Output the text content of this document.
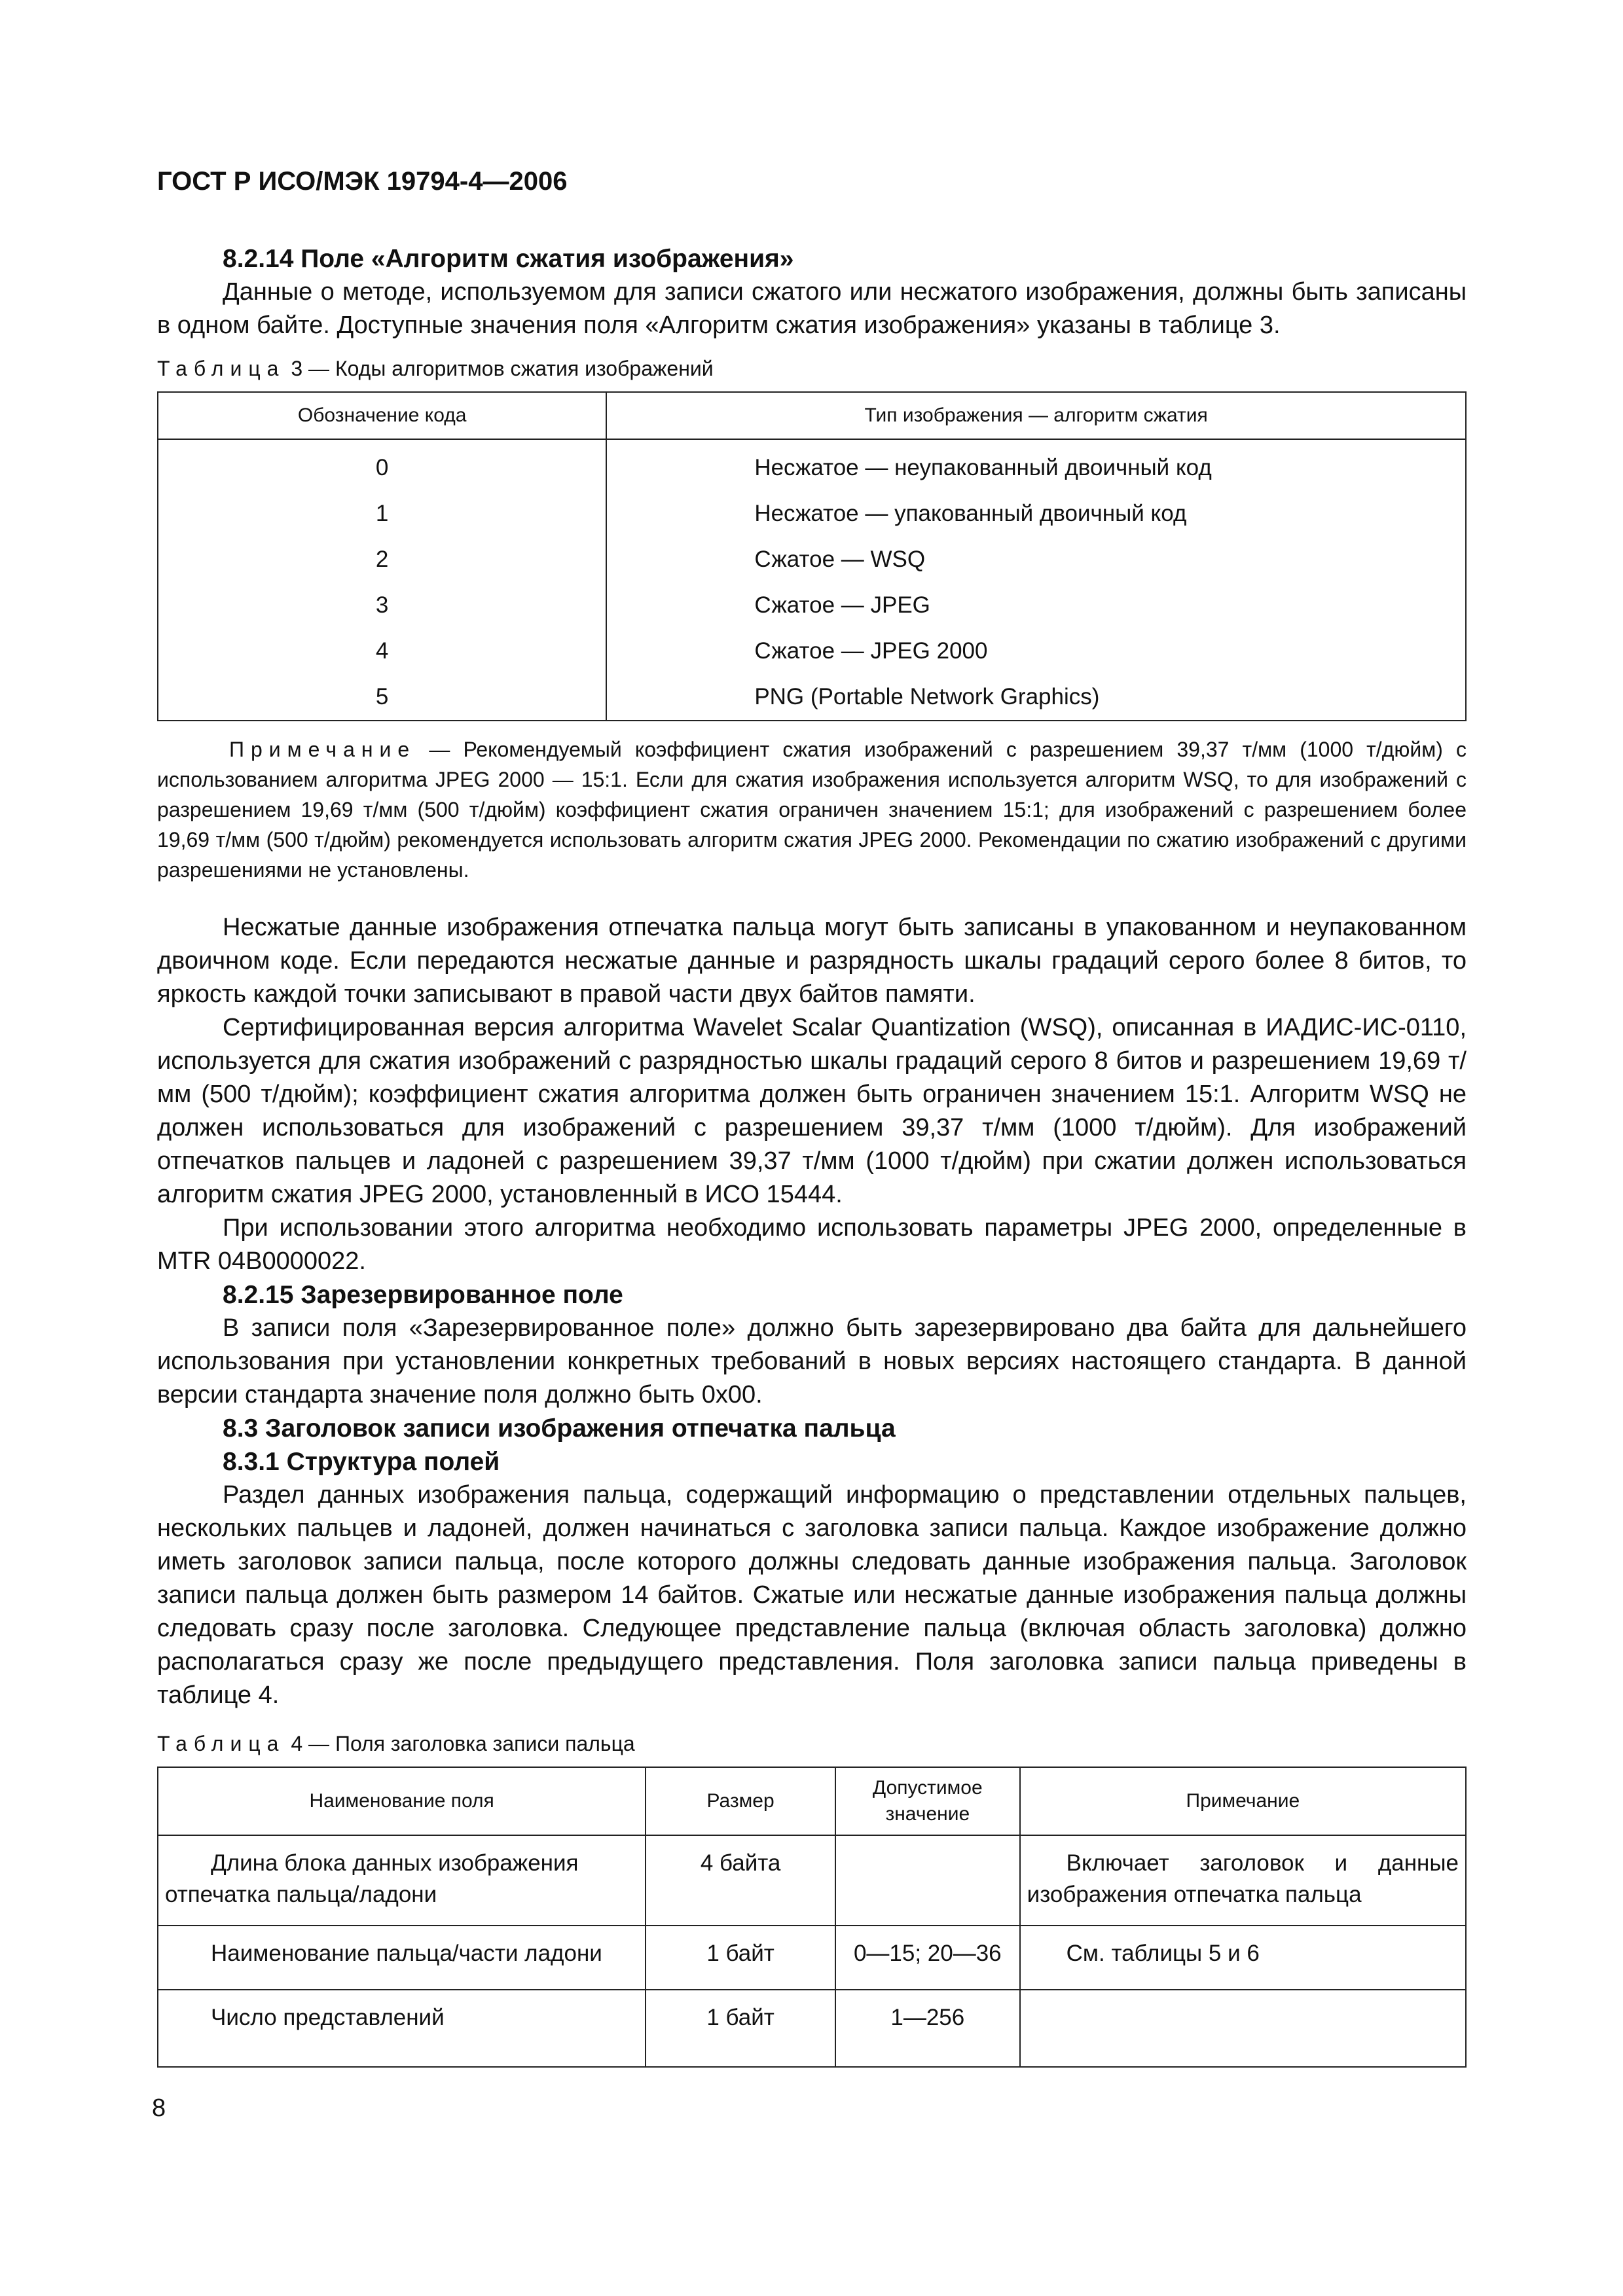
ГОСТ Р ИСО/МЭК 19794-4—2006
8.2.14 Поле «Алгоритм сжатия изображения»

Данные о методе, используемом для записи сжатого или несжатого изображения, должны быть записаны в одном байте. Доступные значения поля «Алгоритм сжатия изображения» указаны в таблице 3.

Таблица 3 — Коды алгоритмов сжатия изображений
Обозначение кода	Тип изображения — алгоритм сжатия

0	Несжатое — неупакованный двоичный код
1	Несжатое — упакованный двоичный код
2	Сжатое — WSQ
3	Сжатое — JPEG
4	Сжатое — JPEG 2000
5	PNG (Portable Network Graphics)

Примечание — Рекомендуемый коэффициент сжатия изображений с разрешением 39,37 т/мм (1000 т/дюйм) с использованием алгоритма JPEG 2000 — 15:1. Если для сжатия изображения используется алгоритм WSQ, то для изображений с разрешением 19,69 т/мм (500 т/дюйм) коэффициент сжатия ограничен значением 15:1; для изображений с разрешением более 19,69 т/мм (500 т/дюйм) рекомендуется использовать алгоритм сжатия JPEG 2000. Рекомендации по сжатию изображений с другими разрешениями не установлены.

Несжатые данные изображения отпечатка пальца могут быть записаны в упакованном и неупакованном двоичном коде. Если передаются несжатые данные и разрядность шкалы градаций серого более 8 битов, то яркость каждой точки записывают в правой части двух байтов памяти.

Сертифицированная версия алгоритма Wavelet Scalar Quantization (WSQ), описанная в ИАДИС-ИС-0110, используется для сжатия изображений с разрядностью шкалы градаций серого 8 битов и разрешением 19,69 т/мм (500 т/дюйм); коэффициент сжатия алгоритма должен быть ограничен значением 15:1. Алгоритм WSQ не должен использоваться для изображений с разрешением 39,37 т/мм (1000 т/дюйм). Для изображений отпечатков пальцев и ладоней с разрешением 39,37 т/мм (1000 т/дюйм) при сжатии должен использоваться алгоритм сжатия JPEG 2000, установленный в ИСО 15444.

При использовании этого алгоритма необходимо использовать параметры JPEG 2000, определенные в MTR 04B0000022.

8.2.15 Зарезервированное поле

В записи поля «Зарезервированное поле» должно быть зарезервировано два байта для дальнейшего использования при установлении конкретных требований в новых версиях настоящего стандарта. В данной версии стандарта значение поля должно быть 0x00.

8.3 Заголовок записи изображения отпечатка пальца
8.3.1 Структура полей

Раздел данных изображения пальца, содержащий информацию о представлении отдельных пальцев, нескольких пальцев и ладоней, должен начинаться с заголовка записи пальца. Каждое изображение должно иметь заголовок записи пальца, после которого должны следовать данные изображения пальца. Заголовок записи пальца должен быть размером 14 байтов. Сжатые или несжатые данные изображения пальца должны следовать сразу после заголовка. Следующее представление пальца (включая область заголовка) должно располагаться сразу же после предыдущего представления. Поля заголовка записи пальца приведены в таблице 4.

Таблица 4 — Поля заголовка записи пальца
Наименование поля	Размер	Допустимое значение	Примечание
Длина блока данных изображения отпечатка пальца/ладони	4 байта		Включает заголовок и данные изображения отпечатка пальца
Наименование пальца/части ладони	1 байт	0—15; 20—36	См. таблицы 5 и 6
Число представлений	1 байт	1—256	
8
